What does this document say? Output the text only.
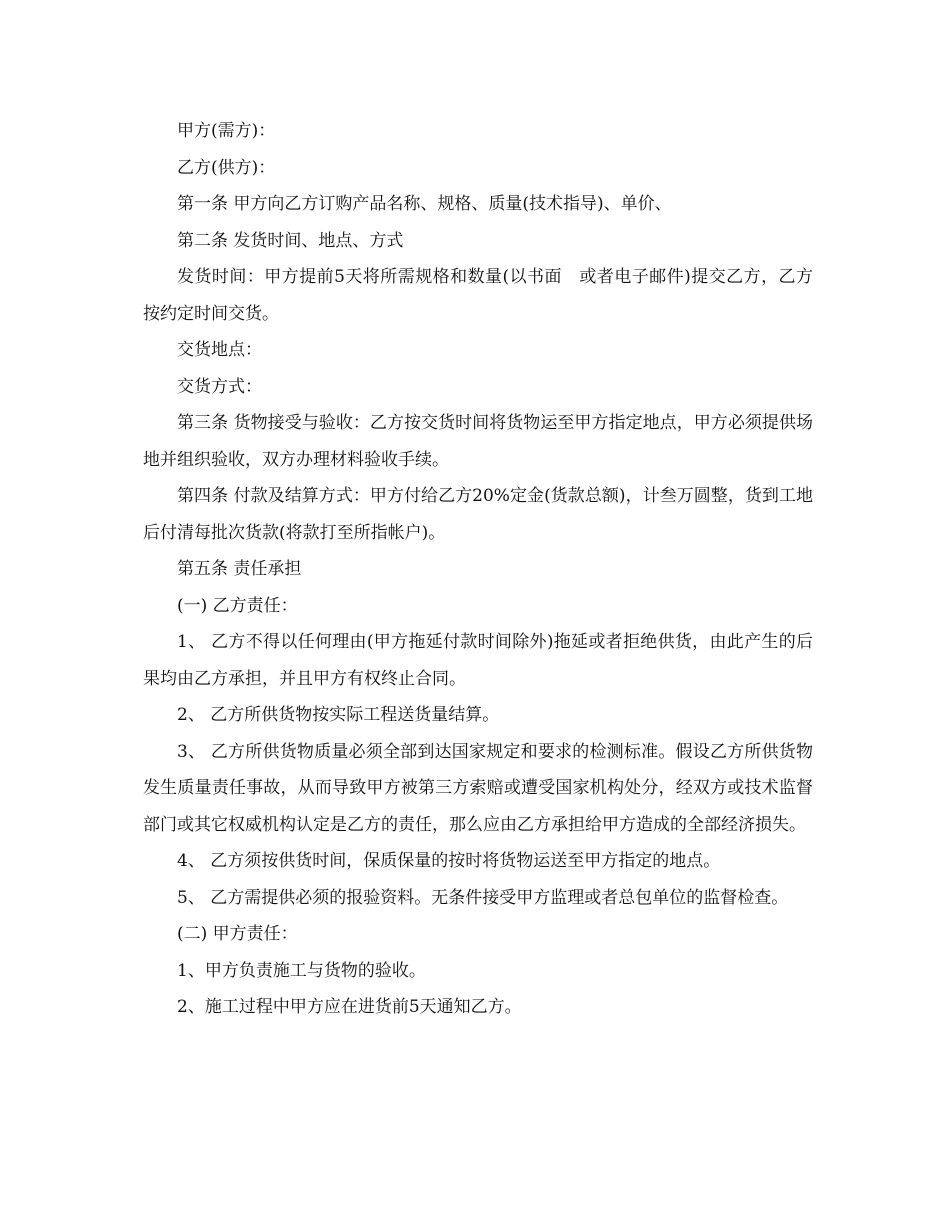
甲方(需方)：

乙方(供方)：

第一条 甲方向乙方订购产品名称、规格、质量(技术指导)、单价、

第二条 发货时间、地点、方式

发货时间：甲方提前5天将所需规格和数量(以书面　或者电子邮件)提交乙方，乙方按约定时间交货。

交货地点：

交货方式：

第三条 货物接受与验收：乙方按交货时间将货物运至甲方指定地点，甲方必须提供场地并组织验收，双方办理材料验收手续。

第四条 付款及结算方式：甲方付给乙方20%定金(货款总额)，计叁万圆整，货到工地后付清每批次货款(将款打至所指帐户)。

第五条 责任承担

(一) 乙方责任：

1、 乙方不得以任何理由(甲方拖延付款时间除外)拖延或者拒绝供货，由此产生的后果均由乙方承担，并且甲方有权终止合同。

2、 乙方所供货物按实际工程送货量结算。

3、 乙方所供货物质量必须全部到达国家规定和要求的检测标准。假设乙方所供货物发生质量责任事故，从而导致甲方被第三方索赔或遭受国家机构处分，经双方或技术监督部门或其它权威机构认定是乙方的责任，那么应由乙方承担给甲方造成的全部经济损失。

4、 乙方须按供货时间，保质保量的按时将货物运送至甲方指定的地点。

5、 乙方需提供必须的报验资料。无条件接受甲方监理或者总包单位的监督检查。

(二) 甲方责任：

1、甲方负责施工与货物的验收。

2、施工过程中甲方应在进货前5天通知乙方。
